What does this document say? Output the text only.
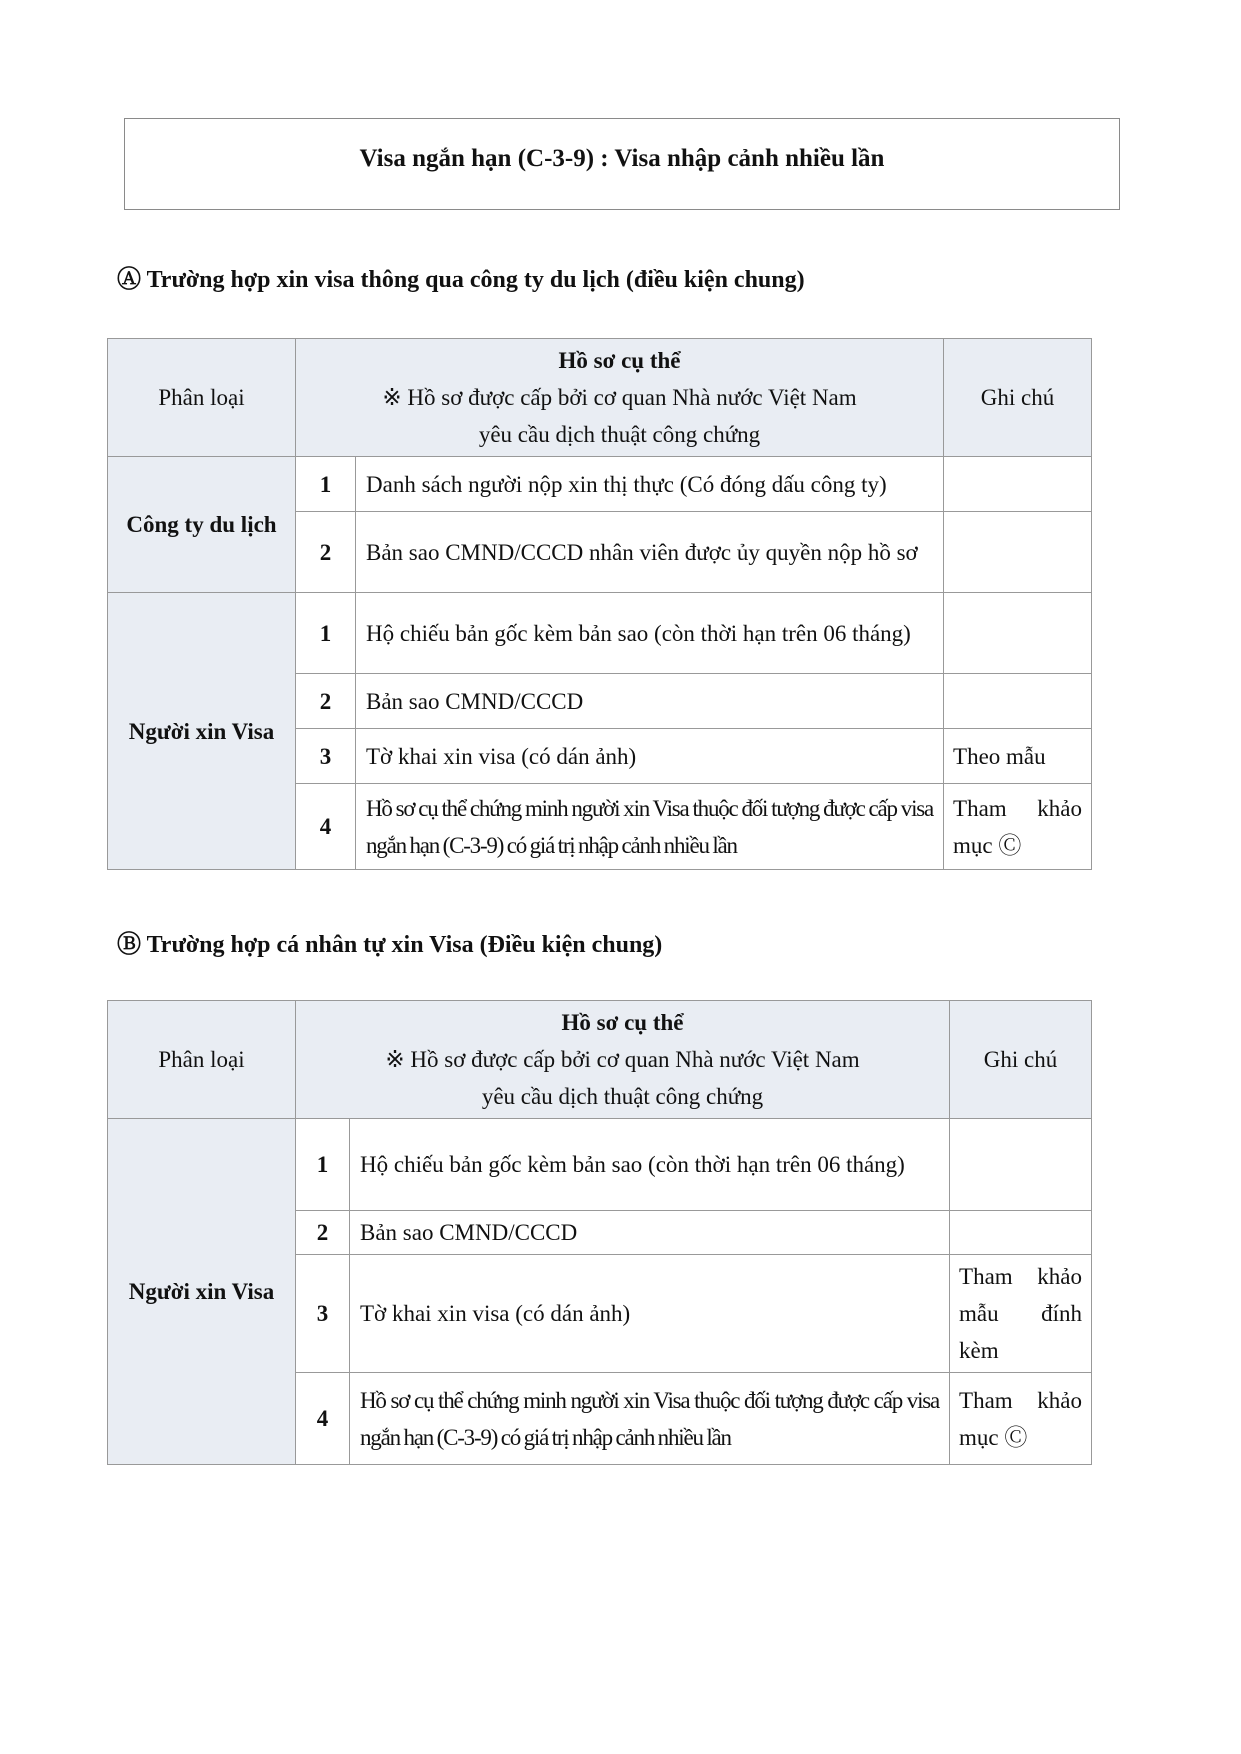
Visa ngắn hạn (C-3-9) : Visa nhập cảnh nhiều lần
Ⓐ Trường hợp xin visa thông qua công ty du lịch (điều kiện chung)
Phân loại	Hồ sơ cụ thể
※ Hồ sơ được cấp bởi cơ quan Nhà nước Việt Nam
yêu cầu dịch thuật công chứng		Ghi chú
Công ty du lịch	1	Danh sách người nộp xin thị thực (Có đóng dấu công ty)	
	2	Bản sao CMND/CCCD nhân viên được ủy quyền nộp hồ sơ	
Người xin Visa	1	Hộ chiếu bản gốc kèm bản sao (còn thời hạn trên 06 tháng)	
	2	Bản sao CMND/CCCD	
	3	Tờ khai xin visa (có dán ảnh)	Theo mẫu
	4	Hồ sơ cụ thể chứng minh người xin Visa thuộc đối tượng được cấp visa ngắn hạn (C-3-9) có giá trị nhập cảnh nhiều lần	Tham khảo mục Ⓒ
Ⓑ Trường hợp cá nhân tự xin Visa (Điều kiện chung)
Phân loại	Hồ sơ cụ thể
※ Hồ sơ được cấp bởi cơ quan Nhà nước Việt Nam
yêu cầu dịch thuật công chứng		Ghi chú
Người xin Visa	1	Hộ chiếu bản gốc kèm bản sao (còn thời hạn trên 06 tháng)	
	2	Bản sao CMND/CCCD	
	3	Tờ khai xin visa (có dán ảnh)	Tham khảo mẫu đính kèm
	4	Hồ sơ cụ thể chứng minh người xin Visa thuộc đối tượng được cấp visa ngắn hạn (C-3-9) có giá trị nhập cảnh nhiều lần	Tham khảo mục Ⓒ
